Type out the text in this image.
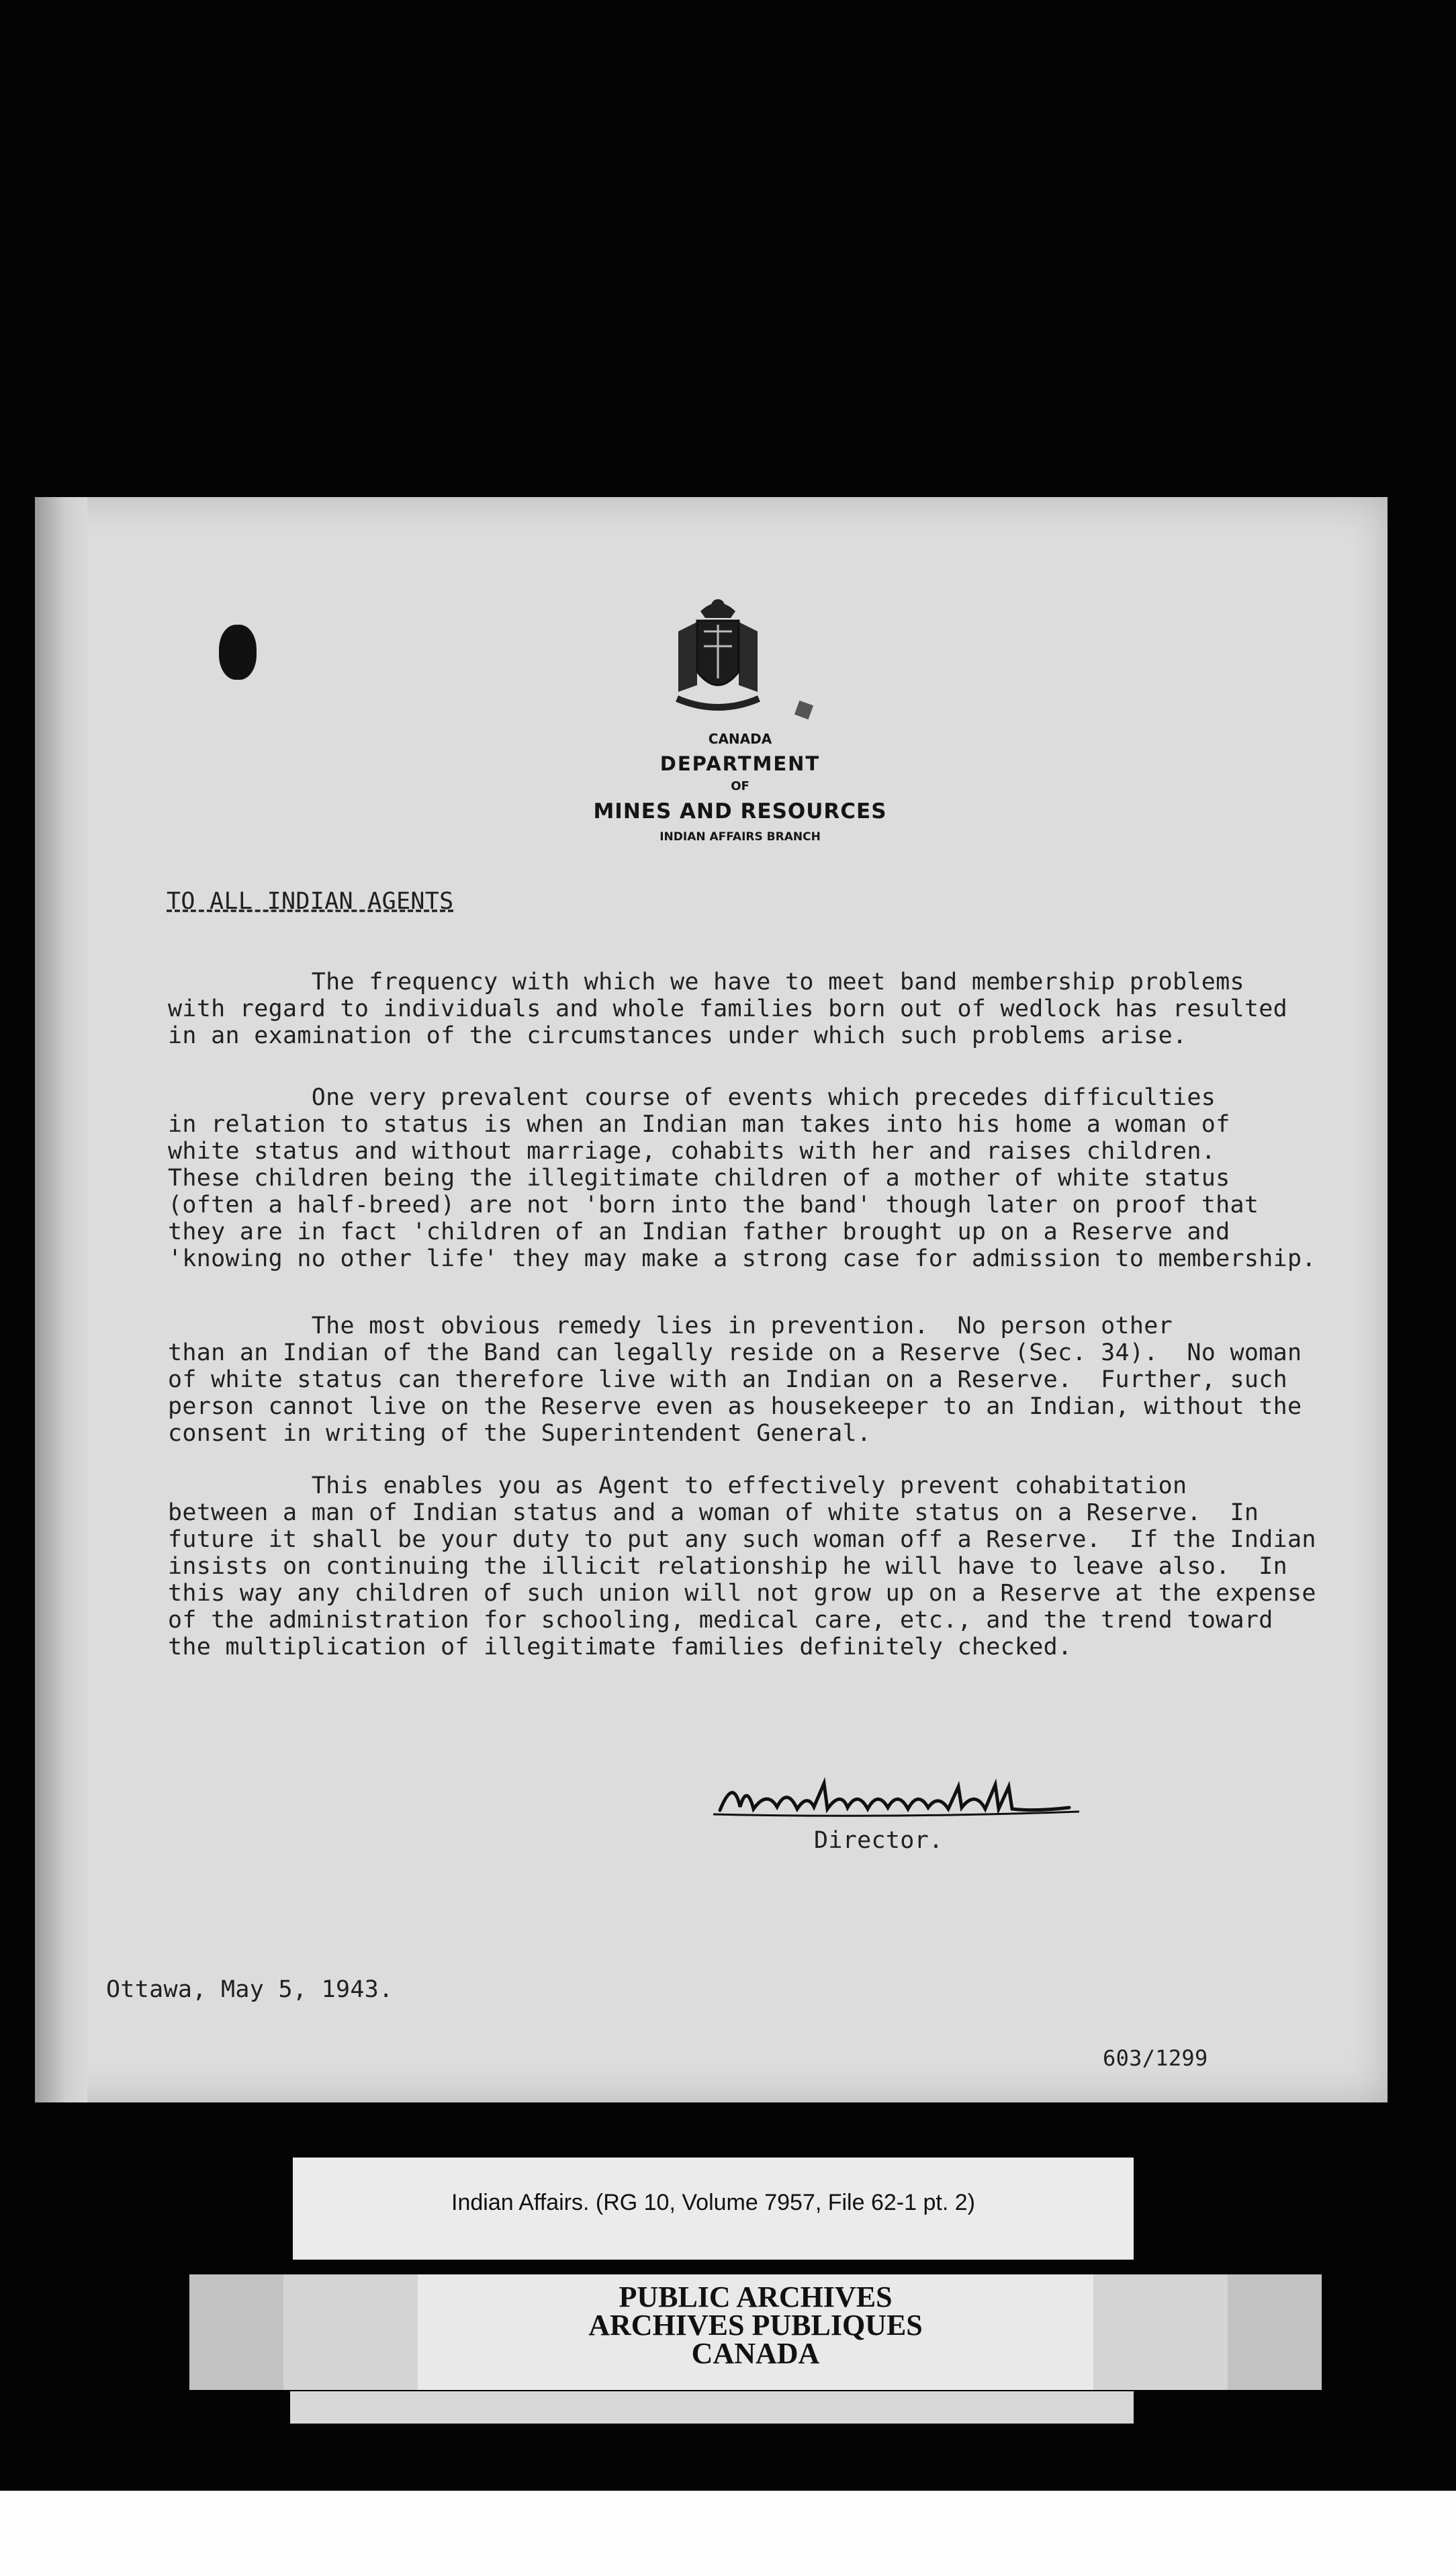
CANADA
DEPARTMENT
OF
MINES AND RESOURCES
INDIAN AFFAIRS BRANCH
TO ALL INDIAN AGENTS
The frequency with which we have to meet band membership problems
with regard to individuals and whole families born out of wedlock has resulted
in an examination of the circumstances under which such problems arise.
One very prevalent course of events which precedes difficulties
in relation to status is when an Indian man takes into his home a woman of
white status and without marriage, cohabits with her and raises children.
These children being the illegitimate children of a mother of white status
(often a half-breed) are not 'born into the band' though later on proof that
they are in fact 'children of an Indian father brought up on a Reserve and
'knowing no other life' they may make a strong case for admission to membership.
The most obvious remedy lies in prevention.  No person other
than an Indian of the Band can legally reside on a Reserve (Sec. 34).  No woman
of white status can therefore live with an Indian on a Reserve.  Further, such
person cannot live on the Reserve even as housekeeper to an Indian, without the
consent in writing of the Superintendent General.
This enables you as Agent to effectively prevent cohabitation
between a man of Indian status and a woman of white status on a Reserve.  In
future it shall be your duty to put any such woman off a Reserve.  If the Indian
insists on continuing the illicit relationship he will have to leave also.  In
this way any children of such union will not grow up on a Reserve at the expense
of the administration for schooling, medical care, etc., and the trend toward
the multiplication of illegitimate families definitely checked.
Director.
Ottawa, May 5, 1943.
603/1299
Indian Affairs. (RG 10, Volume 7957, File 62-1 pt. 2)
PUBLIC ARCHIVES
ARCHIVES PUBLIQUES
CANADA
